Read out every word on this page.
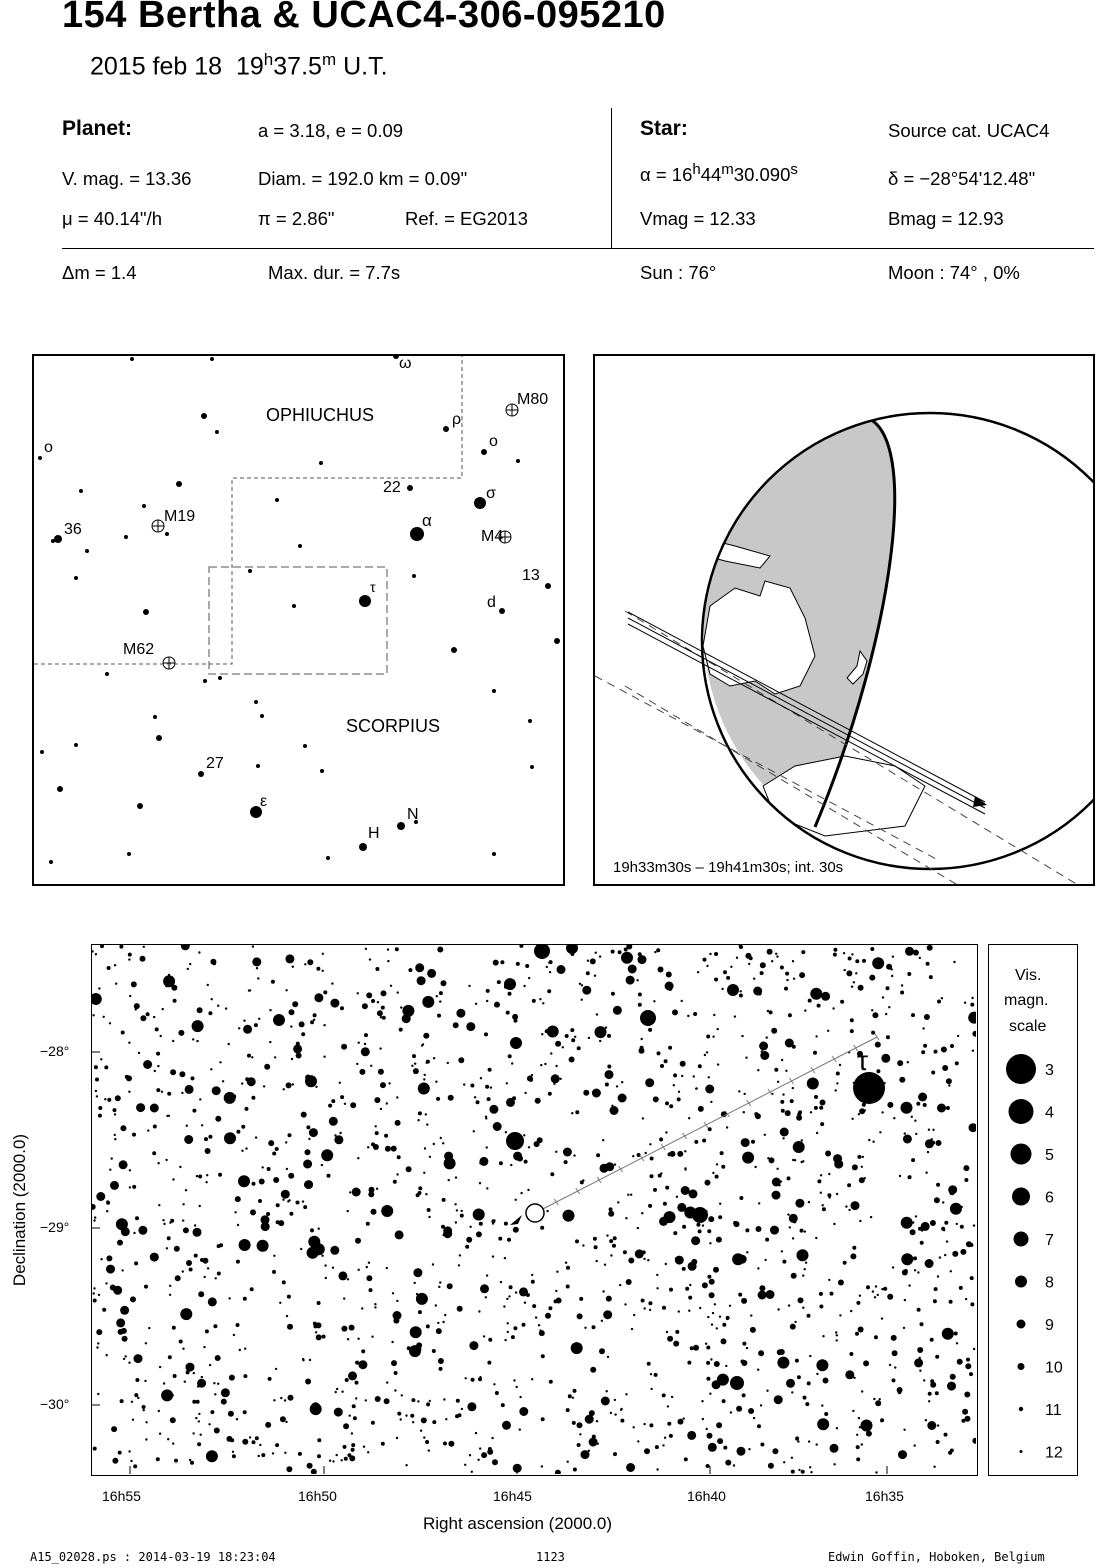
154 Bertha & UCAC4-306-095210
2015 feb 18 19$^h$37.5$^m$ U.T.
Planet:	a = 3.18, e = 0.09
V. mag. = 13.36	Diam. = 192.0 km = 0.09"
μ = 40.14"/h	π = 2.86"	Ref. = EG2013
Star:	Source cat. UCAC4
$\alpha = 16^h44^m30.090^s$	δ = −28°54'12.48"
Vmag = 12.33	Bmag = 12.93
Δm = 1.4	Max. dur. = 7.7s	Sun : 76°	Moon : 74° , 0%
OPHIUCHUS
SCORPIUS
ω
ρ
o
o
M80
22	σ
α
M4
36
M19
13
τ
d
M62
27
ε
N
H
19h33m30s – 19h41m30s; int. 30s
τ
−28°
−29°
−30°
16h55	16h50	16h45	16h40	16h35
Right ascension (2000.0)
Declination (2000.0)
Vis.
magn.
scale
3
4
5
6
7
8
9
10
11
12
A15_02028.ps : 2014-03-19 18:23:04	1123	Edwin Goffin, Hoboken, Belgium
